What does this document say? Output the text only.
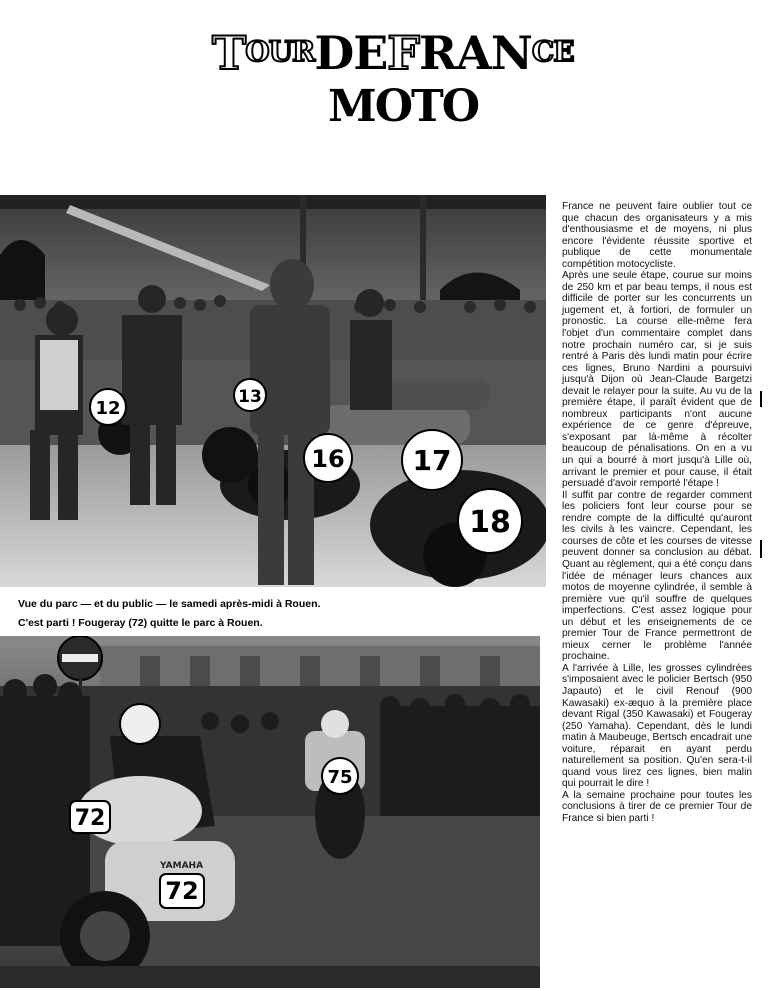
TOURDEFRANCE
MOTO
12
13
16 17
18
Vue du parc — et du public — le samedi après-midi à Rouen.
C'est parti ! Fougeray (72) quitte le parc à Rouen.
75
72
72
YAMAHA

France ne peuvent faire oublier tout ce que chacun des organisateurs y a mis d'enthousiasme et de moyens, ni plus encore l'évidente réussite sportive et publique de cette monumentale compétition motocycliste.

Après une seule étape, courue sur moins de 250 km et par beau temps, il nous est difficile de porter sur les concurrents un jugement et, à fortiori, de formuler un pronostic. La course elle-même fera l'objet d'un commentaire complet dans notre prochain numéro car, si je suis rentré à Paris dès lundi matin pour écrire ces lignes, Bruno Nardini a poursuivi jusqu'à Dijon où Jean-Claude Bargetzi devait le relayer pour la suite. Au vu de la première étape, il paraît évident que de nombreux participants n'ont aucune expérience de ce genre d'épreuve, s'exposant par là-même à récolter beaucoup de pénalisations. On en a vu un qui a bourré à mort jusqu'à Lille où, arrivant le premier et pour cause, il était persuadé d'avoir remporté l'étape !

Il suffit par contre de regarder comment les policiers font leur course pour se rendre compte de la difficulté qu'auront les civils à les vaincre. Cependant, les courses de côte et les courses de vitesse peuvent donner sa conclusion au débat. Quant au règlement, qui a été conçu dans l'idée de ménager leurs chances aux motos de moyenne cylindrée, il semble à première vue qu'il souffre de quelques imperfections. C'est assez logique pour un début et les enseignements de ce premier Tour de France permettront de mieux cerner le problème l'année prochaine.

A l'arrivée à Lille, les grosses cylindrées s'imposaient avec le policier Bertsch (950 Japauto) et le civil Renouf (900 Kawasaki) ex-æquo à la première place devant Rigal (350 Kawasaki) et Fougeray (250 Yamaha). Cependant, dès le lundi matin à Maubeuge, Bertsch encadrait une voiture, réparait en ayant perdu naturellement sa position. Qu'en sera-t-il quand vous lirez ces lignes, bien malin qui pourrait le dire !

A la semaine prochaine pour toutes les conclusions à tirer de ce premier Tour de France si bien parti !
